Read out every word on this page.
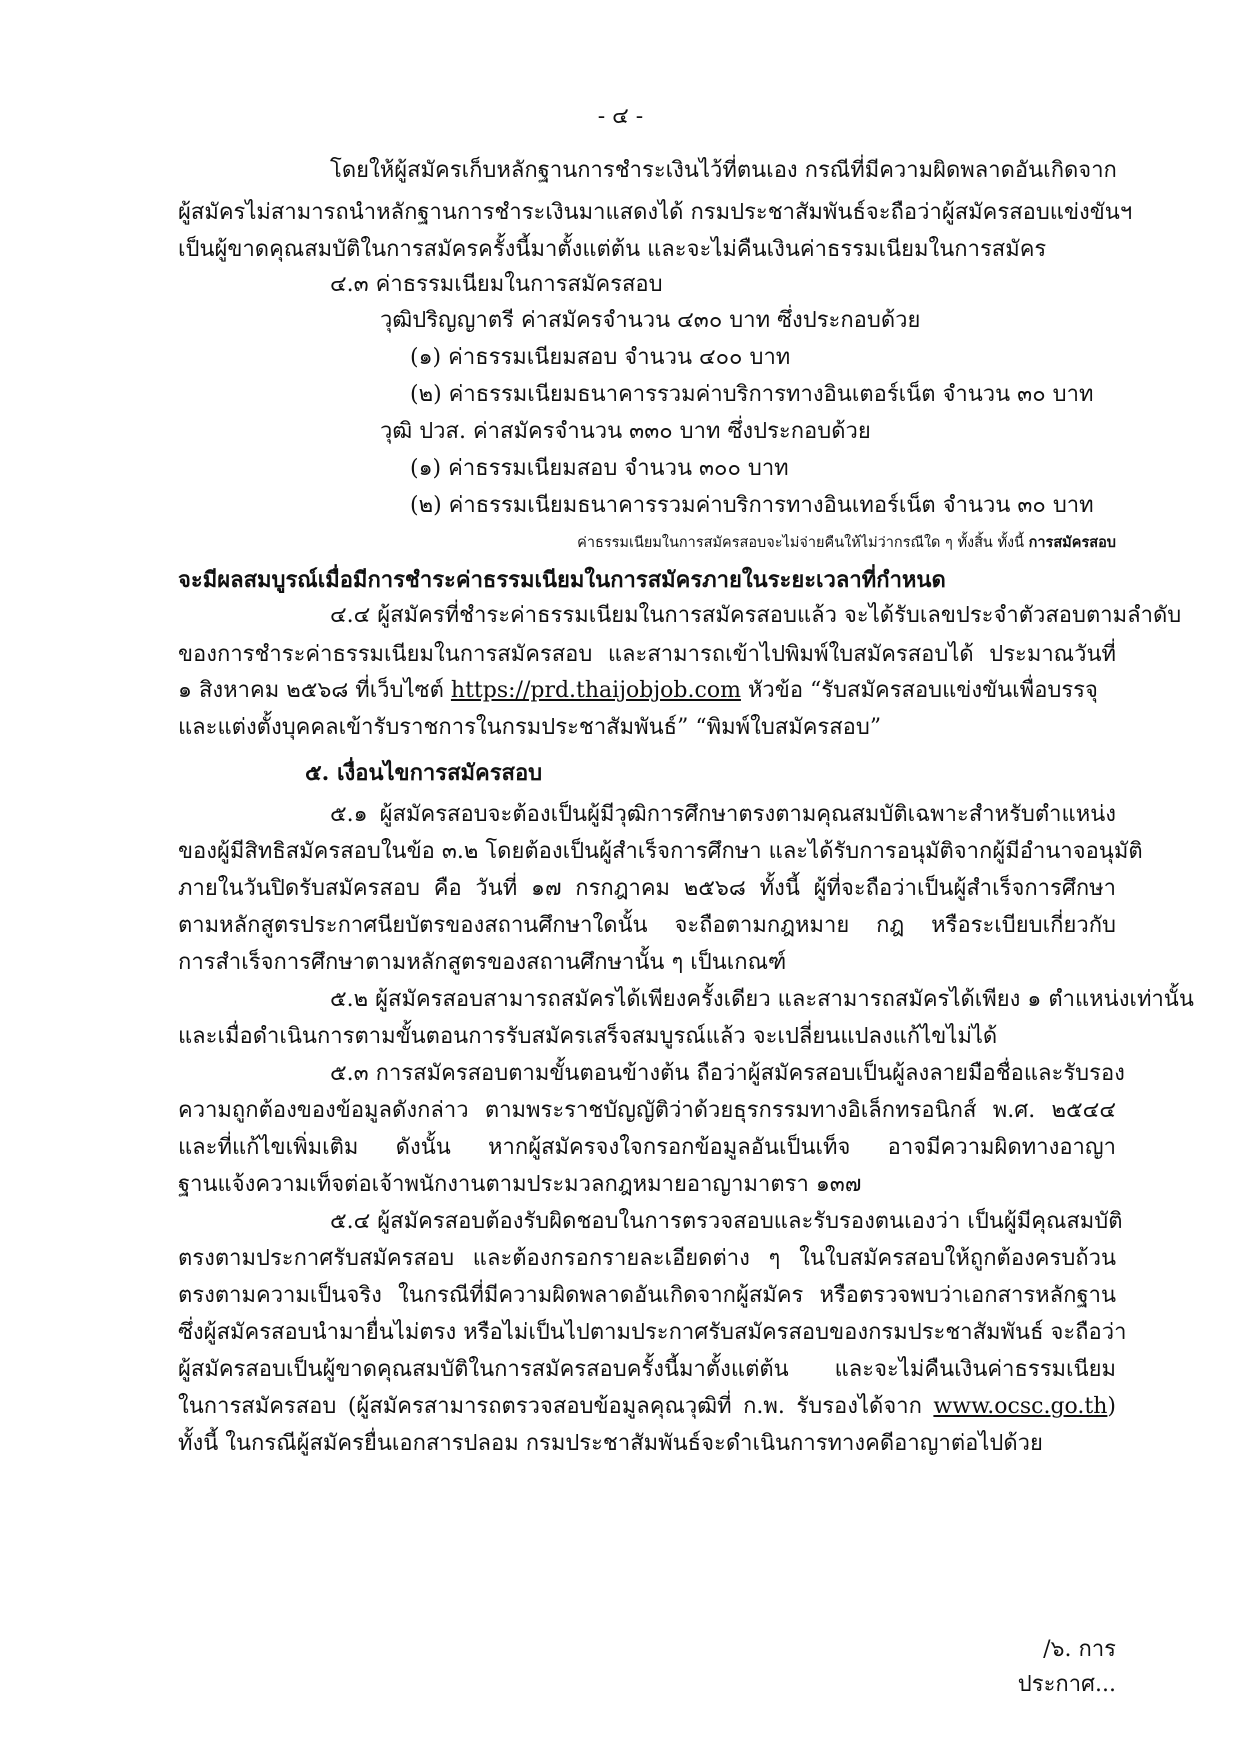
- ๔ -
โดยให้ผู้สมัครเก็บหลักฐานการชำระเงินไว้ที่ตนเอง กรณีที่มีความผิดพลาดอันเกิดจาก
ผู้สมัครไม่สามารถนำหลักฐานการชำระเงินมาแสดงได้ กรมประชาสัมพันธ์จะถือว่าผู้สมัครสอบแข่งขันฯ
เป็นผู้ขาดคุณสมบัติในการสมัครครั้งนี้มาตั้งแต่ต้น และจะไม่คืนเงินค่าธรรมเนียมในการสมัคร
๔.๓ ค่าธรรมเนียมในการสมัครสอบ
วุฒิปริญญาตรี ค่าสมัครจำนวน ๔๓๐ บาท ซึ่งประกอบด้วย
(๑) ค่าธรรมเนียมสอบ จำนวน ๔๐๐ บาท
(๒) ค่าธรรมเนียมธนาคารรวมค่าบริการทางอินเตอร์เน็ต จำนวน ๓๐ บาท
วุฒิ ปวส. ค่าสมัครจำนวน ๓๓๐ บาท ซึ่งประกอบด้วย
(๑) ค่าธรรมเนียมสอบ จำนวน ๓๐๐ บาท
(๒) ค่าธรรมเนียมธนาคารรวมค่าบริการทางอินเทอร์เน็ต จำนวน ๓๐ บาท
ค่าธรรมเนียมในการสมัครสอบจะไม่จ่ายคืนให้ไม่ว่ากรณีใด ๆ ทั้งสิ้น ทั้งนี้ การสมัครสอบ
จะมีผลสมบูรณ์เมื่อมีการชำระค่าธรรมเนียมในการสมัครภายในระยะเวลาที่กำหนด
๔.๔ ผู้สมัครที่ชำระค่าธรรมเนียมในการสมัครสอบแล้ว จะได้รับเลขประจำตัวสอบตามลำดับ
ของการชำระค่าธรรมเนียมในการสมัครสอบ และสามารถเข้าไปพิมพ์ใบสมัครสอบได้ ประมาณวันที่
๑ สิงหาคม ๒๕๖๘ ที่เว็บไซต์ https://prd.thaijobjob.com หัวข้อ “รับสมัครสอบแข่งขันเพื่อบรรจุ
และแต่งตั้งบุคคลเข้ารับราชการในกรมประชาสัมพันธ์” “พิมพ์ใบสมัครสอบ”
๕. เงื่อนไขการสมัครสอบ
๕.๑ ผู้สมัครสอบจะต้องเป็นผู้มีวุฒิการศึกษาตรงตามคุณสมบัติเฉพาะสำหรับตำแหน่ง
ของผู้มีสิทธิสมัครสอบในข้อ ๓.๒ โดยต้องเป็นผู้สำเร็จการศึกษา และได้รับการอนุมัติจากผู้มีอำนาจอนุมัติ
ภายในวันปิดรับสมัครสอบ คือ วันที่ ๑๗ กรกฎาคม ๒๕๖๘ ทั้งนี้ ผู้ที่จะถือว่าเป็นผู้สำเร็จการศึกษา
ตามหลักสูตรประกาศนียบัตรของสถานศึกษาใดนั้น จะถือตามกฎหมาย กฎ หรือระเบียบเกี่ยวกับ
การสำเร็จการศึกษาตามหลักสูตรของสถานศึกษานั้น ๆ เป็นเกณฑ์
๕.๒ ผู้สมัครสอบสามารถสมัครได้เพียงครั้งเดียว และสามารถสมัครได้เพียง ๑ ตำแหน่งเท่านั้น
และเมื่อดำเนินการตามขั้นตอนการรับสมัครเสร็จสมบูรณ์แล้ว จะเปลี่ยนแปลงแก้ไขไม่ได้
๕.๓ การสมัครสอบตามขั้นตอนข้างต้น ถือว่าผู้สมัครสอบเป็นผู้ลงลายมือชื่อและรับรอง
ความถูกต้องของข้อมูลดังกล่าว ตามพระราชบัญญัติว่าด้วยธุรกรรมทางอิเล็กทรอนิกส์ พ.ศ. ๒๕๔๔
และที่แก้ไขเพิ่มเติม ดังนั้น หากผู้สมัครจงใจกรอกข้อมูลอันเป็นเท็จ อาจมีความผิดทางอาญา
ฐานแจ้งความเท็จต่อเจ้าพนักงานตามประมวลกฎหมายอาญามาตรา ๑๓๗
๕.๔ ผู้สมัครสอบต้องรับผิดชอบในการตรวจสอบและรับรองตนเองว่า เป็นผู้มีคุณสมบัติ
ตรงตามประกาศรับสมัครสอบ และต้องกรอกรายละเอียดต่าง ๆ ในใบสมัครสอบให้ถูกต้องครบถ้วน
ตรงตามความเป็นจริง ในกรณีที่มีความผิดพลาดอันเกิดจากผู้สมัคร หรือตรวจพบว่าเอกสารหลักฐาน
ซึ่งผู้สมัครสอบนำมายื่นไม่ตรง หรือไม่เป็นไปตามประกาศรับสมัครสอบของกรมประชาสัมพันธ์ จะถือว่า
ผู้สมัครสอบเป็นผู้ขาดคุณสมบัติในการสมัครสอบครั้งนี้มาตั้งแต่ต้น และจะไม่คืนเงินค่าธรรมเนียม
ในการสมัครสอบ (ผู้สมัครสามารถตรวจสอบข้อมูลคุณวุฒิที่ ก.พ. รับรองได้จาก www.ocsc.go.th)
ทั้งนี้ ในกรณีผู้สมัครยื่นเอกสารปลอม กรมประชาสัมพันธ์จะดำเนินการทางคดีอาญาต่อไปด้วย
/๖. การประกาศ...
